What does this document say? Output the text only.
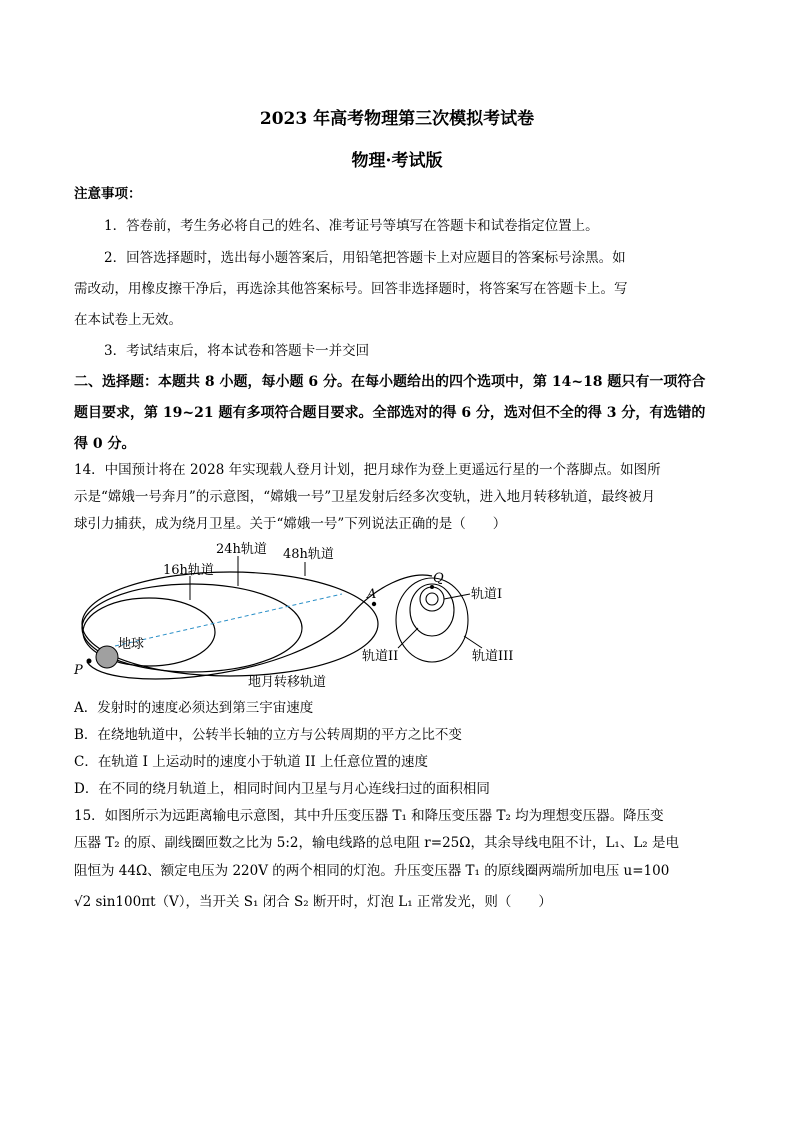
2023 年高考物理第三次模拟考试卷
物理·考试版
注意事项：
1．答卷前，考生务必将自己的姓名、准考证号等填写在答题卡和试卷指定位置上。
2．回答选择题时，选出每小题答案后，用铅笔把答题卡上对应题目的答案标号涂黑。如
需改动，用橡皮擦干净后，再选涂其他答案标号。回答非选择题时，将答案写在答题卡上。写
在本试卷上无效。
3．考试结束后，将本试卷和答题卡一并交回
二、选择题：本题共 8 小题，每小题 6 分。在每小题给出的四个选项中，第 14~18 题只有一项符合
题目要求，第 19~21 题有多项符合题目要求。全部选对的得 6 分，选对但不全的得 3 分，有选错的
得 0 分。
14．中国预计将在 2028 年实现载人登月计划，把月球作为登上更遥远行星的一个落脚点。如图所
示是“嫦娥一号奔月”的示意图，“嫦娥一号”卫星发射后经多次变轨，进入地月转移轨道，最终被月
球引力捕获，成为绕月卫星。关于“嫦娥一号”下列说法正确的是（　　）
16h轨道
24h轨道 48h轨道
地球
P
A
Q
轨道I
轨道II	轨道III
地月转移轨道
A．发射时的速度必须达到第三宇宙速度
B．在绕地轨道中，公转半长轴的立方与公转周期的平方之比不变
C．在轨道 I 上运动时的速度小于轨道 II 上任意位置的速度
D．在不同的绕月轨道上，相同时间内卫星与月心连线扫过的面积相同
15．如图所示为远距离输电示意图，其中升压变压器 T₁ 和降压变压器 T₂ 均为理想变压器。降压变
压器 T₂ 的原、副线圈匝数之比为 5:2，输电线路的总电阻 r=25Ω，其余导线电阻不计，L₁、L₂ 是电
阻恒为 44Ω、额定电压为 220V 的两个相同的灯泡。升压变压器 T₁ 的原线圈两端所加电压 u=100
√2 sin100πt（V），当开关 S₁ 闭合 S₂ 断开时，灯泡 L₁ 正常发光，则（　　）
